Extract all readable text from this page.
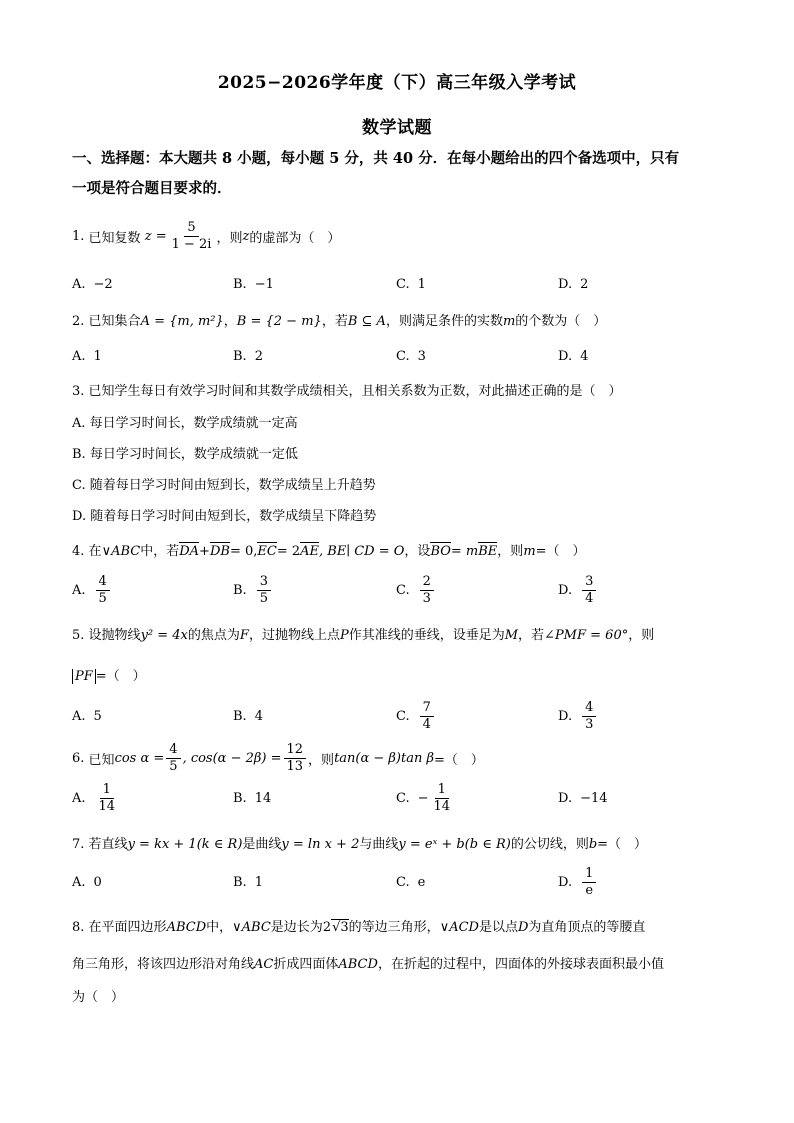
2025−2026学年度（下）高三年级入学考试
数学试题
一、选择题：本大题共 8 小题，每小题 5 分，共 40 分．在每小题给出的四个备选项中，只有
一项是符合题目要求的．
1.
已知复数
z
= $\frac{5}{1 - 2i}$ ，则 z 的虚部为（　）
A. −2	B. −1	C. 1	D. 2
2. 已知集合A = {m, m²}，B = {2 − m}，若B ⊆ A，则满足条件的实数m的个数为（　）
A. 1	B. 2	C. 3	D. 4
3. 已知学生每日有效学习时间和其数学成绩相关，且相关系数为正数，对此描述正确的是（　）
A. 每日学习时间长，数学成绩就一定高
B. 每日学习时间长，数学成绩就一定低
C. 随着每日学习时间由短到长，数学成绩呈上升趋势
D. 随着每日学习时间由短到长，数学成绩呈下降趋势
4. 在∨ABC中，若DA+DB= 0,EC= 2AE, BE∣ CD = O，设BO= mBE，则m=（　）
A. $\frac{4}{5}$	B. $\frac{3}{5}$	C. $\frac{2}{3}$	D. $\frac{3}{4}$
5. 设抛物线y² = 4x的焦点为F，过抛物线上点P作其准线的垂线，设垂足为M，若∠PMF = 60°，则
PF =（　）
A. 5	B. 4	C. $\frac{7}{4}$	D. $\frac{4}{3}$
6.
已知 $\cos \alpha = \frac{4}{5}$ , $\cos(\alpha - 2\beta) = \frac{12}{13}$ ，则 tan(α − β)tan β =（　）
A. $\frac{1}{14}$	B. 14	C. − $\frac{1}{14}$	D. −14
7. 若直线y = kx + 1(k ∈ R)是曲线y = ln x + 2与曲线y = eˣ + b(b ∈ R)的公切线，则b=（　）
A. 0	B. 1	C. e	D. $\frac{1}{e}$
8. 在平面四边形ABCD中，∨ABC是边长为2√3的等边三角形，∨ACD是以点D为直角顶点的等腰直
角三角形，将该四边形沿对角线AC折成四面体ABCD，在折起的过程中，四面体的外接球表面积最小值
为（　）
